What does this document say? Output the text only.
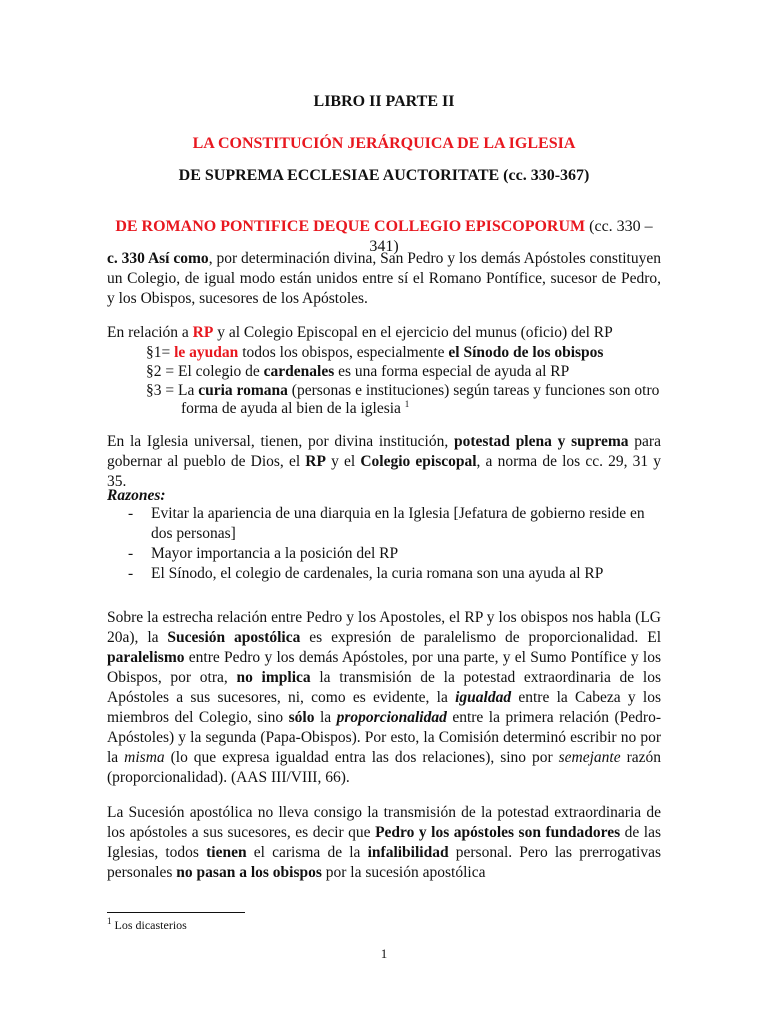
LIBRO II PARTE II
LA CONSTITUCIÓN JERÁRQUICA DE LA IGLESIA
DE SUPREMA ECCLESIAE AUCTORITATE (cc. 330-367)
DE ROMANO PONTIFICE DEQUE COLLEGIO EPISCOPORUM (cc. 330 – 341)
c. 330 Así como, por determinación divina, San Pedro y los demás Apóstoles constituyen un Colegio, de igual modo están unidos entre sí el Romano Pontífice, sucesor de Pedro, y los Obispos, sucesores de los Apóstoles.
En relación a RP y al Colegio Episcopal en el ejercicio del munus (oficio) del RP
§1= le ayudan todos los obispos, especialmente el Sínodo de los obispos
§2 = El colegio de cardenales es una forma especial de ayuda al RP
§3 = La curia romana (personas e instituciones) según tareas y funciones son otro
forma de ayuda al bien de la iglesia $^1$
En la Iglesia universal, tienen, por divina institución, potestad plena y suprema para gobernar al pueblo de Dios, el RP y el Colegio episcopal, a norma de los cc. 29, 31 y 35.
Razones:
- Evitar la apariencia de una diarquia en la Iglesia [Jefatura de gobierno reside en dos personas]
- Mayor importancia a la posición del RP
- El Sínodo, el colegio de cardenales, la curia romana son una ayuda al RP
Sobre la estrecha relación entre Pedro y los Apostoles, el RP y los obispos nos habla (LG 20a), la Sucesión apostólica es expresión de paralelismo de proporcionalidad. El paralelismo entre Pedro y los demás Apóstoles, por una parte, y el Sumo Pontífice y los Obispos, por otra, no implica la transmisión de la potestad extraordinaria de los Apóstoles a sus sucesores, ni, como es evidente, la igualdad entre la Cabeza y los miembros del Colegio, sino sólo la proporcionalidad entre la primera relación (Pedro-Apóstoles) y la segunda (Papa-Obispos). Por esto, la Comisión determinó escribir no por la misma (lo que expresa igualdad entra las dos relaciones), sino por semejante razón (proporcionalidad). (AAS III/VIII, 66).
La Sucesión apostólica no lleva consigo la transmisión de la potestad extraordinaria de los apóstoles a sus sucesores, es decir que Pedro y los apóstoles son fundadores de las Iglesias, todos tienen el carisma de la infalibilidad personal. Pero las prerrogativas personales no pasan a los obispos por la sucesión apostólica
$^1$ Los dicasterios
1
